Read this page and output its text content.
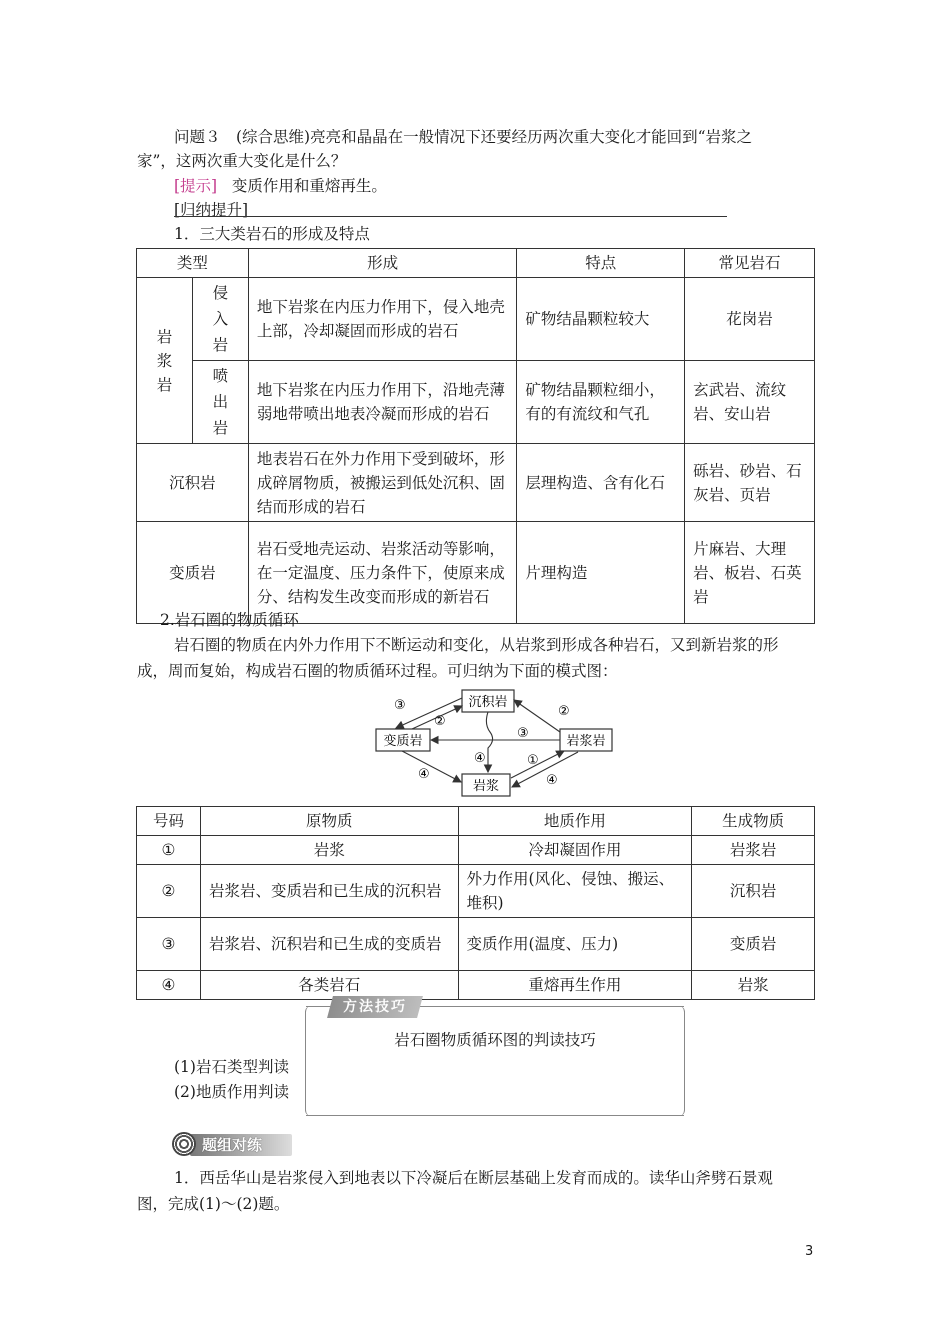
问题３　(综合思维)亮亮和晶晶在一般情况下还要经历两次重大变化才能回到“岩浆之

家”，这两次重大变化是什么？

[提示] 变质作用和重熔再生。

[归纳提升]

1．三大类岩石的形成及特点

类型		形成	特点	常见岩石

岩浆岩	侵入岩	地下岩浆在内压力作用下，侵入地壳上部，冷却凝固而形成的岩石	矿物结晶颗粒较大	花岗岩

	喷出岩	地下岩浆在内压力作用下，沿地壳薄弱地带喷出地表冷凝而形成的岩石	矿物结晶颗粒细小，有的有流纹和气孔	玄武岩、流纹岩、安山岩
沉积岩		地表岩石在外力作用下受到破坏，形成碎屑物质，被搬运到低处沉积、固结而形成的岩石	层理构造、含有化石	砾岩、砂岩、石灰岩、页岩
变质岩		岩石受地壳运动、岩浆活动等影响，在一定温度、压力条件下，使原来成分、结构发生改变而形成的新岩石	片理构造	片麻岩、大理岩、板岩、石英岩

2.岩石圈的物质循环

岩石圈的物质在内外力作用下不断运动和变化，从岩浆到形成各种岩石，又到新岩浆的形

成，周而复始，构成岩石圈的物质循环过程。可归纳为下面的模式图：

沉积岩
变质岩	岩浆岩
岩浆
③
②
②
③
④	①
④	④
号码	原物质	地质作用	生成物质
①	岩浆	冷却凝固作用	岩浆岩
②	岩浆岩、变质岩和已生成的沉积岩	外力作用(风化、侵蚀、搬运、堆积)	沉积岩
③	岩浆岩、沉积岩和已生成的变质岩	变质作用(温度、压力)	变质岩
④	各类岩石	重熔再生作用	岩浆
方法技巧

岩石圈物质循环图的判读技巧

(1)岩石类型判读

(2)地质作用判读

题组对练

1．西岳华山是岩浆侵入到地表以下冷凝后在断层基础上发育而成的。读华山斧劈石景观

图，完成(1)～(2)题。

3
